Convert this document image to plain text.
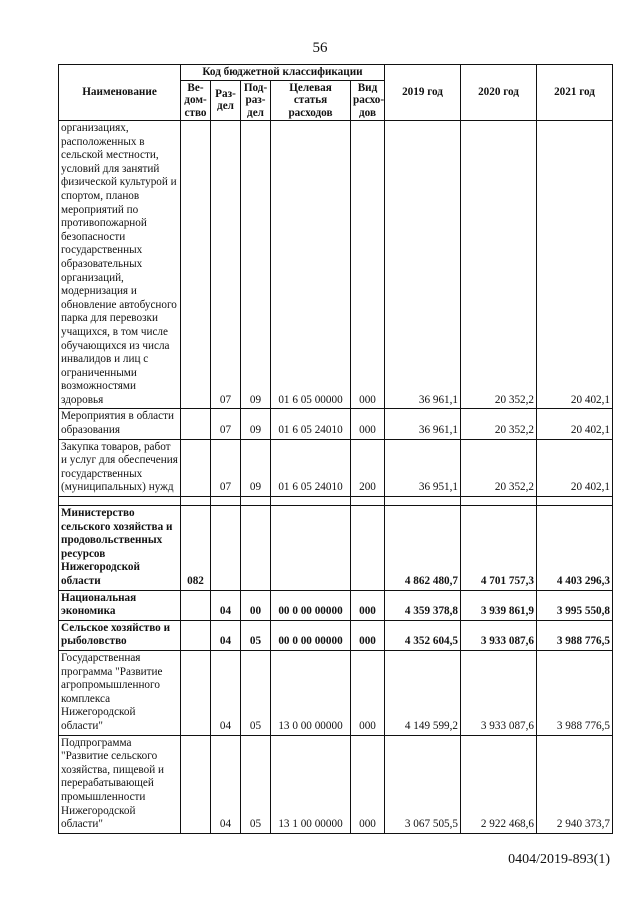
56
Наименование	Код бюджетной классификации					2019 год	2020 год	2021 год
	Ве-дом-ство	Раз-дел	Под-раз-дел	Целевая статья расходов	Вид расхо-дов			
организациях, расположенных в сельской местности, условий для занятий физической культурой и спортом, планов мероприятий по противопожарной безопасности государственных образовательных организаций, модернизация и обновление автобусного парка для перевозки учащихся, в том числе обучающихся из числа инвалидов и лиц с ограниченными возможностями здоровья		07	09	01 6 05 00000	000	36 961,1	20 352,2	20 402,1
Мероприятия в области образования		07	09	01 6 05 24010	000	36 961,1	20 352,2	20 402,1
Закупка товаров, работ и услуг для обеспечения государственных (муниципальных) нужд		07	09	01 6 05 24010	200	36 951,1	20 352,2	20 402,1

Министерство сельского хозяйства и продовольственных ресурсов Нижегородской области	082					4 862 480,7	4 701 757,3	4 403 296,3
Национальная экономика		04	00	00 0 00 00000	000	4 359 378,8	3 939 861,9	3 995 550,8
Сельское хозяйство и рыболовство		04	05	00 0 00 00000	000	4 352 604,5	3 933 087,6	3 988 776,5
Государственная программа "Развитие агропромышленного комплекса Нижегородской области"		04	05	13 0 00 00000	000	4 149 599,2	3 933 087,6	3 988 776,5
Подпрограмма "Развитие сельского хозяйства, пищевой и перерабатывающей промышленности Нижегородской области"		04	05	13 1 00 00000	000	3 067 505,5	2 922 468,6	2 940 373,7
0404/2019-893(1)
